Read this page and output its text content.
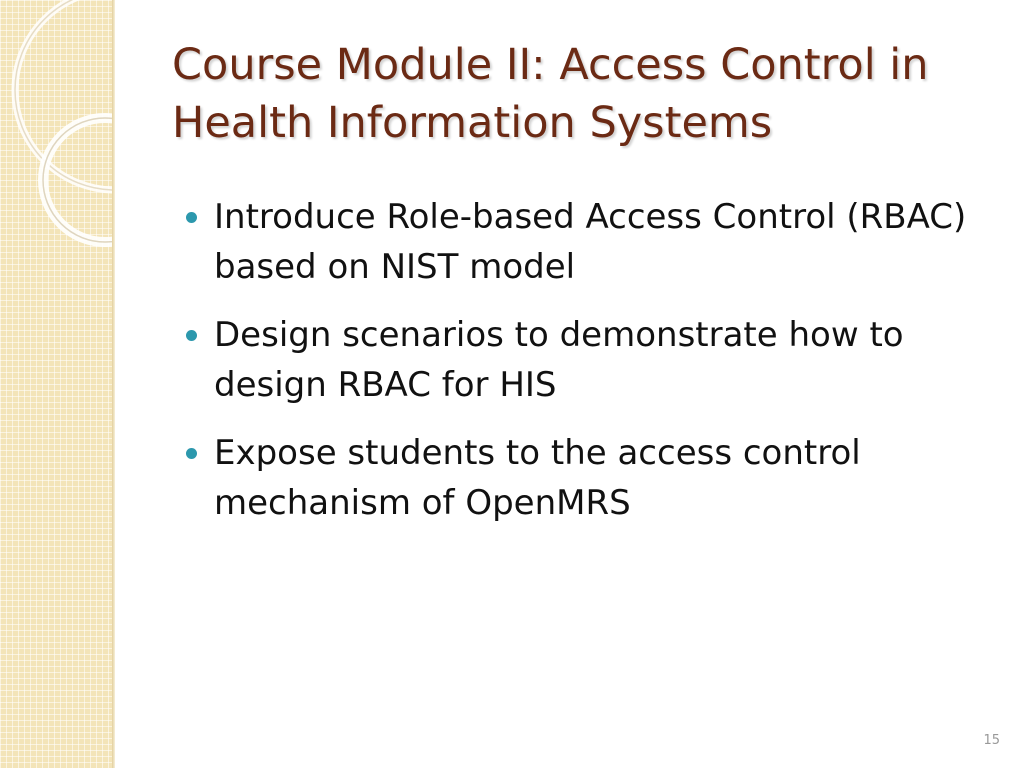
Course Module II: Access Control in
Health Information Systems
Introduce Role-based Access Control (RBAC) based on NIST model
Design scenarios to demonstrate how to design RBAC for HIS
Expose students to the access control mechanism of OpenMRS
15
